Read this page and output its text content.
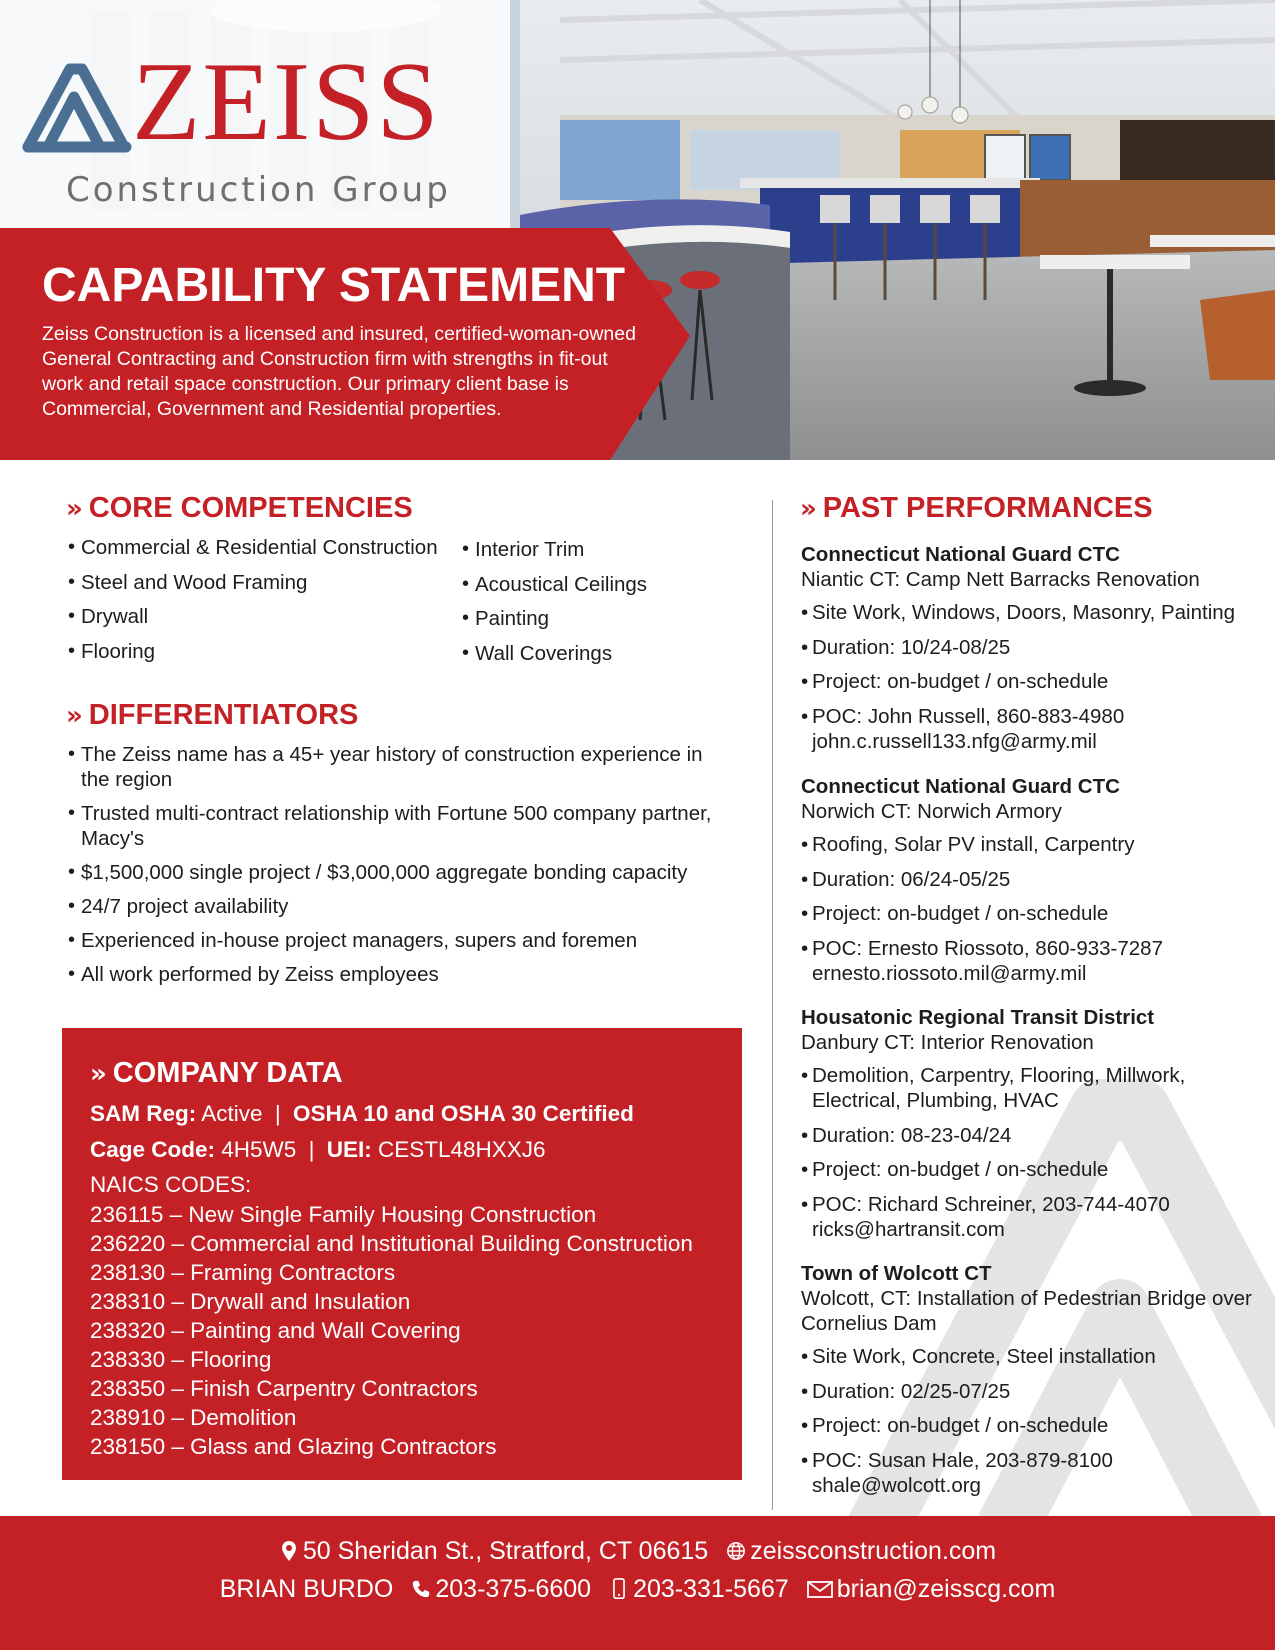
ZEISS
Construction Group
CAPABILITY STATEMENT
Zeiss Construction is a licensed and insured, certified-woman-owned General Contracting and Construction firm with strengths in fit-out work and retail space construction. Our primary client base is Commercial, Government and Residential properties.
» CORE COMPETENCIES
• Commercial & Residential Construction
• Steel and Wood Framing
• Drywall
• Flooring
• Interior Trim
• Acoustical Ceilings
• Painting
• Wall Coverings
» DIFFERENTIATORS
• The Zeiss name has a 45+ year history of construction experience in the region
• Trusted multi-contract relationship with Fortune 500 company partner, Macy's
• $1,500,000 single project / $3,000,000 aggregate bonding capacity
• 24/7 project availability
• Experienced in-house project managers, supers and foremen
• All work performed by Zeiss employees
» COMPANY DATA
SAM Reg: Active | OSHA 10 and OSHA 30 Certified
Cage Code: 4H5W5 | UEI: CESTL48HXXJ6
NAICS CODES:
236115 – New Single Family Housing Construction
236220 – Commercial and Institutional Building Construction
238130 – Framing Contractors
238310 – Drywall and Insulation
238320 – Painting and Wall Covering
238330 – Flooring
238350 – Finish Carpentry Contractors
238910 – Demolition
238150 – Glass and Glazing Contractors
» PAST PERFORMANCES
Connecticut National Guard CTC
Niantic CT: Camp Nett Barracks Renovation
• Site Work, Windows, Doors, Masonry, Painting
• Duration: 10/24-08/25
• Project: on-budget / on-schedule
• POC: John Russell, 860-883-4980
john.c.russell133.nfg@army.mil
Connecticut National Guard CTC
Norwich CT: Norwich Armory
• Roofing, Solar PV install, Carpentry
• Duration: 06/24-05/25
• Project: on-budget / on-schedule
• POC: Ernesto Riossoto, 860-933-7287
ernesto.riossoto.mil@army.mil
Housatonic Regional Transit District
Danbury CT: Interior Renovation
• Demolition, Carpentry, Flooring, Millwork, Electrical, Plumbing, HVAC
• Duration: 08-23-04/24
• Project: on-budget / on-schedule
• POC: Richard Schreiner, 203-744-4070
ricks@hartransit.com
Town of Wolcott CT
Wolcott, CT: Installation of Pedestrian Bridge over Cornelius Dam
• Site Work, Concrete, Steel installation
• Duration: 02/25-07/25
• Project: on-budget / on-schedule
• POC: Susan Hale, 203-879-8100
shale@wolcott.org
50 Sheridan St., Stratford, CT 06615 zeissconstruction.com
BRIAN BURDO 203-375-6600 203-331-5667 brian@zeisscg.com
